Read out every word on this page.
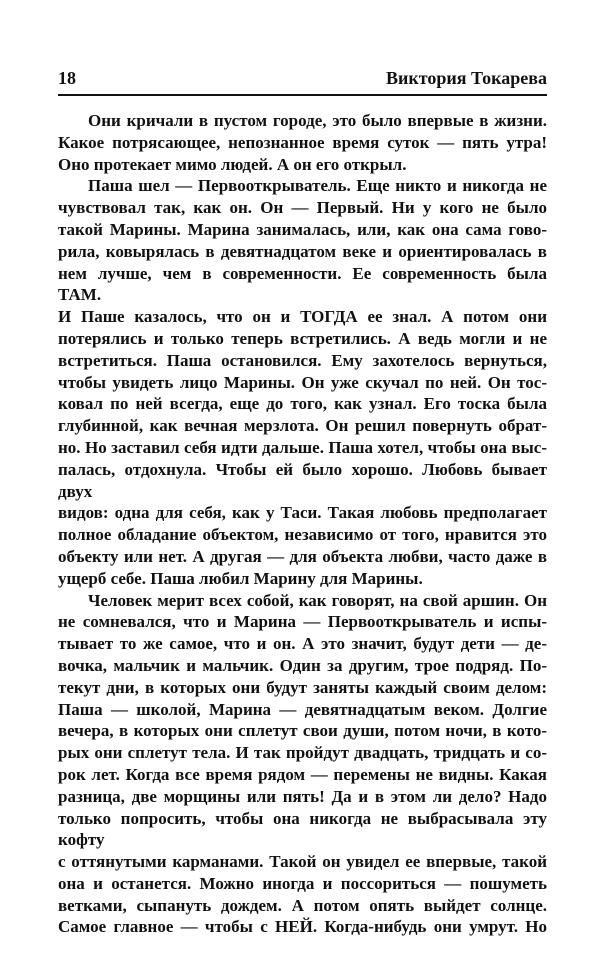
18	Виктория Токарева
Они кричали в пустом городе, это было впервые в жизни.
Какое потрясающее, непознанное время суток — пять утра!
Оно протекает мимо людей. А он его открыл.
Паша шел — Первооткрыватель. Еще никто и никогда не
чувствовал так, как он. Он — Первый. Ни у кого не было
такой Марины. Марина занималась, или, как она сама гово-
рила, ковырялась в девятнадцатом веке и ориентировалась в
нем лучше, чем в современности. Ее современность была ТАМ.
И Паше казалось, что он и ТОГДА ее знал. А потом они
потерялись и только теперь встретились. А ведь могли и не
встретиться. Паша остановился. Ему захотелось вернуться,
чтобы увидеть лицо Марины. Он уже скучал по ней. Он тос-
ковал по ней всегда, еще до того, как узнал. Его тоска была
глубинной, как вечная мерзлота. Он решил повернуть обрат-
но. Но заставил себя идти дальше. Паша хотел, чтобы она выс-
палась, отдохнула. Чтобы ей было хорошо. Любовь бывает двух
видов: одна для себя, как у Таси. Такая любовь предполагает
полное обладание объектом, независимо от того, нравится это
объекту или нет. А другая — для объекта любви, часто даже в
ущерб себе. Паша любил Марину для Марины.
Человек мерит всех собой, как говорят, на свой аршин. Он
не сомневался, что и Марина — Первооткрыватель и испы-
тывает то же самое, что и он. А это значит, будут дети — де-
вочка, мальчик и мальчик. Один за другим, трое подряд. По-
текут дни, в которых они будут заняты каждый своим делом:
Паша — школой, Марина — девятнадцатым веком. Долгие
вечера, в которых они сплетут свои души, потом ночи, в кото-
рых они сплетут тела. И так пройдут двадцать, тридцать и со-
рок лет. Когда все время рядом — перемены не видны. Какая
разница, две морщины или пять! Да и в этом ли дело? Надо
только попросить, чтобы она никогда не выбрасывала эту кофту
с оттянутыми карманами. Такой он увидел ее впервые, такой
она и останется. Можно иногда и поссориться — пошуметь
ветками, сыпануть дождем. А потом опять выйдет солнце.
Самое главное — чтобы с НЕЙ. Когда-нибудь они умрут. Но
